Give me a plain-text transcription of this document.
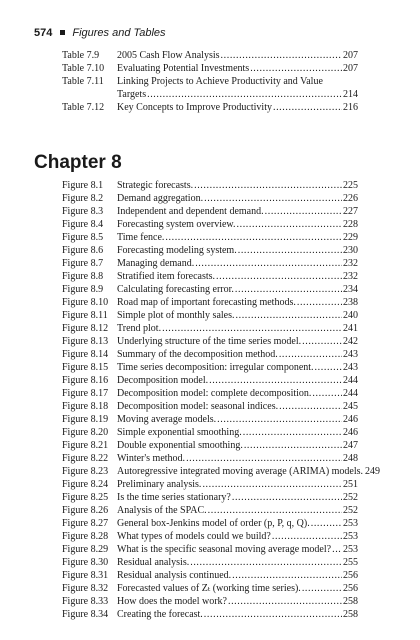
574 Figures and Tables
Table 7.9	2005 Cash Flow Analysis .....	207
Table 7.10	Evaluating Potential Investments .....	207
Table 7.11	Linking Projects to Achieve Productivity and Value
Targets .....	214
Table 7.12	Key Concepts to Improve Productivity .....	216
Chapter 8
Figure 8.1	Strategic forecasts. .....	225
Figure 8.2	Demand aggregation. .....	226
Figure 8.3	Independent and dependent demand. .....	227
Figure 8.4	Forecasting system overview. .....	228
Figure 8.5	Time fence. .....	229
Figure 8.6	Forecasting modeling system. .....	230
Figure 8.7	Managing demand. .....	232
Figure 8.8	Stratified item forecasts. .....	232
Figure 8.9	Calculating forecasting error. .....	234
Figure 8.10 Road map of important forecasting methods. .....	238
Figure 8.11 Simple plot of monthly sales. .....	240
Figure 8.12 Trend plot. .....	241
Figure 8.13 Underlying structure of the time series model. .....	242
Figure 8.14 Summary of the decomposition method. .....	243
Figure 8.15 Time series decomposition: irregular component. .....	243
Figure 8.16 Decomposition model. .....	244
Figure 8.17 Decomposition model: complete decomposition. .....	244
Figure 8.18 Decomposition model: seasonal indices. .....	245
Figure 8.19 Moving average models. .....	246
Figure 8.20 Simple exponential smoothing. .....	246
Figure 8.21 Double exponential smoothing. .....	247
Figure 8.22 Winter's method. .....	248
Figure 8.23 Autoregressive integrated moving average (ARIMA) models. 249
Figure 8.24 Preliminary analysis. .....	251
Figure 8.25 Is the time series stationary? .....	252
Figure 8.26 Analysis of the SPAC. .....	252
Figure 8.27 General box-Jenkins model of order (p, P, q, Q). .....	253
Figure 8.28 What types of models could we build? .....	253
Figure 8.29 What is the specific seasonal moving average model? ..... 253
Figure 8.30 Residual analysis. .....	255
Figure 8.31 Residual analysis continued. .....	256
Figure 8.32 Forecasted values of Zₜ (working time series). .....	256
Figure 8.33 How does the model work? .....	258
Figure 8.34 Creating the forecast. .....	258
